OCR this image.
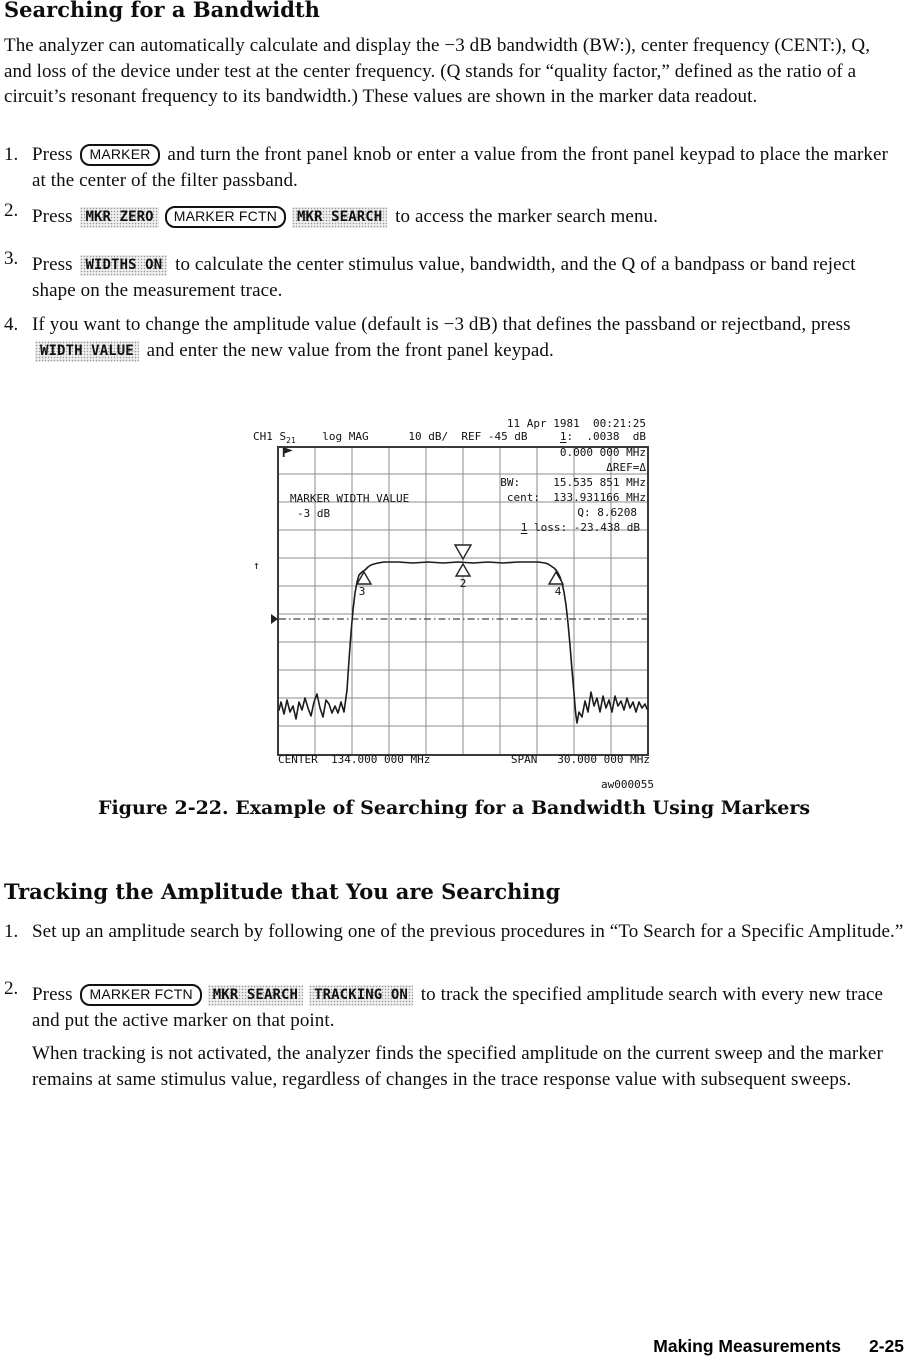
Searching for a Bandwidth

The analyzer can automatically calculate and display the −3 dB bandwidth (BW:), center frequency (CENT:), Q, and loss of the device under test at the center frequency. (Q stands for “quality factor,” defined as the ratio of a circuit’s resonant frequency to its bandwidth.) These values are shown in the marker data readout.

1. Press MARKER and turn the front panel knob or enter a value from the front panel keypad to place the marker at the center of the filter passband.
2. Press MKR ZERO MARKER FCTN MKR SEARCH to access the marker search menu.
3. Press WIDTHS ON to calculate the center stimulus value, bandwidth, and the Q of a bandpass or band reject shape on the measurement trace.
4. If you want to change the amplitude value (default is −3 dB) that defines the passband or rejectband, press WIDTH VALUE and enter the new value from the front panel keypad.
11 Apr 1981  00:21:25
CH1 $S_{21}$    log MAG      10 dB/  REF -45 dB	1:  .0038  dB
0.000 000 MHz
ΔREF=Δ
BW:     15.535 851 MHz
cent:  133.931166 MHz
Q: 8.6208
1 loss: -23.438 dB
MARKER WIDTH VALUE
-3 dB
CENTER  134.000 000 MHz	SPAN   30.000 000 MHz
aw000055
↑
2
3	4

Figure 2-22. Example of Searching for a Bandwidth Using Markers

Tracking the Amplitude that You are Searching
1. Set up an amplitude search by following one of the previous procedures in “To Search for a Specific Amplitude.”
2. Press MARKER FCTN MKR SEARCH TRACKING ON to track the specified amplitude search with every new trace and put the active marker on that point.

When tracking is not activated, the analyzer finds the specified amplitude on the current sweep and the marker remains at same stimulus value, regardless of changes in the trace response value with subsequent sweeps.

Making Measurements 2-25
